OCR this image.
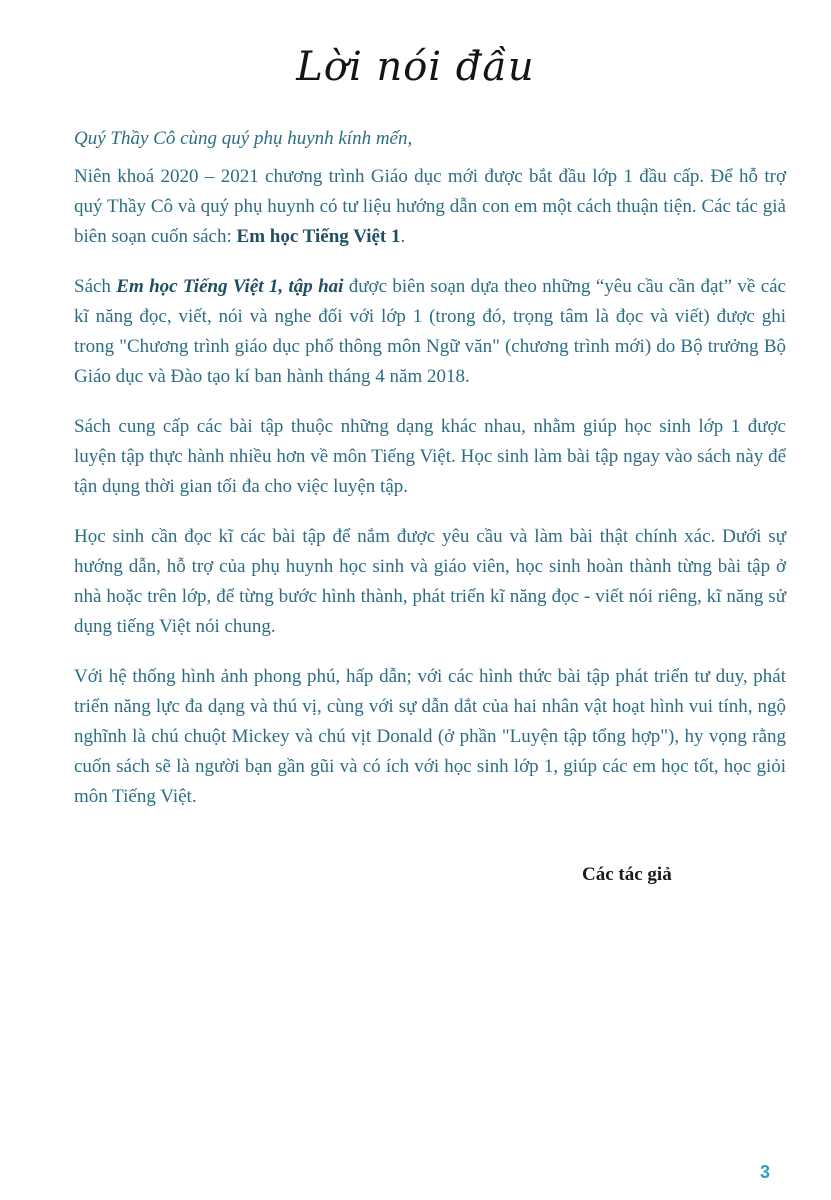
Lời nói đầu

Quý Thầy Cô cùng quý phụ huynh kính mến,

Niên khoá 2020 – 2021 chương trình Giáo dục mới được bắt đầu lớp 1 đầu cấp. Để hỗ trợ quý Thầy Cô và quý phụ huynh có tư liệu hướng dẫn con em một cách thuận tiện. Các tác giả biên soạn cuốn sách: Em học Tiếng Việt 1.

Sách Em học Tiếng Việt 1, tập hai được biên soạn dựa theo những “yêu cầu cần đạt” về các kĩ năng đọc, viết, nói và nghe đối với lớp 1 (trong đó, trọng tâm là đọc và viết) được ghi trong "Chương trình giáo dục phổ thông môn Ngữ văn" (chương trình mới) do Bộ trưởng Bộ Giáo dục và Đào tạo kí ban hành tháng 4 năm 2018.

Sách cung cấp các bài tập thuộc những dạng khác nhau, nhằm giúp học sinh lớp 1 được luyện tập thực hành nhiều hơn về môn Tiếng Việt. Học sinh làm bài tập ngay vào sách này để tận dụng thời gian tối đa cho việc luyện tập.

Học sinh cần đọc kĩ các bài tập để nắm được yêu cầu và làm bài thật chính xác. Dưới sự hướng dẫn, hỗ trợ của phụ huynh học sinh và giáo viên, học sinh hoàn thành từng bài tập ở nhà hoặc trên lớp, để từng bước hình thành, phát triển kĩ năng đọc - viết nói riêng, kĩ năng sử dụng tiếng Việt nói chung.

Với hệ thống hình ảnh phong phú, hấp dẫn; với các hình thức bài tập phát triển tư duy, phát triển năng lực đa dạng và thú vị, cùng với sự dẫn dắt của hai nhân vật hoạt hình vui tính, ngộ nghĩnh là chú chuột Mickey và chú vịt Donald (ở phần "Luyện tập tổng hợp"), hy vọng rằng cuốn sách sẽ là người bạn gần gũi và có ích với học sinh lớp 1, giúp các em học tốt, học giỏi môn Tiếng Việt.

Các tác giả
3
